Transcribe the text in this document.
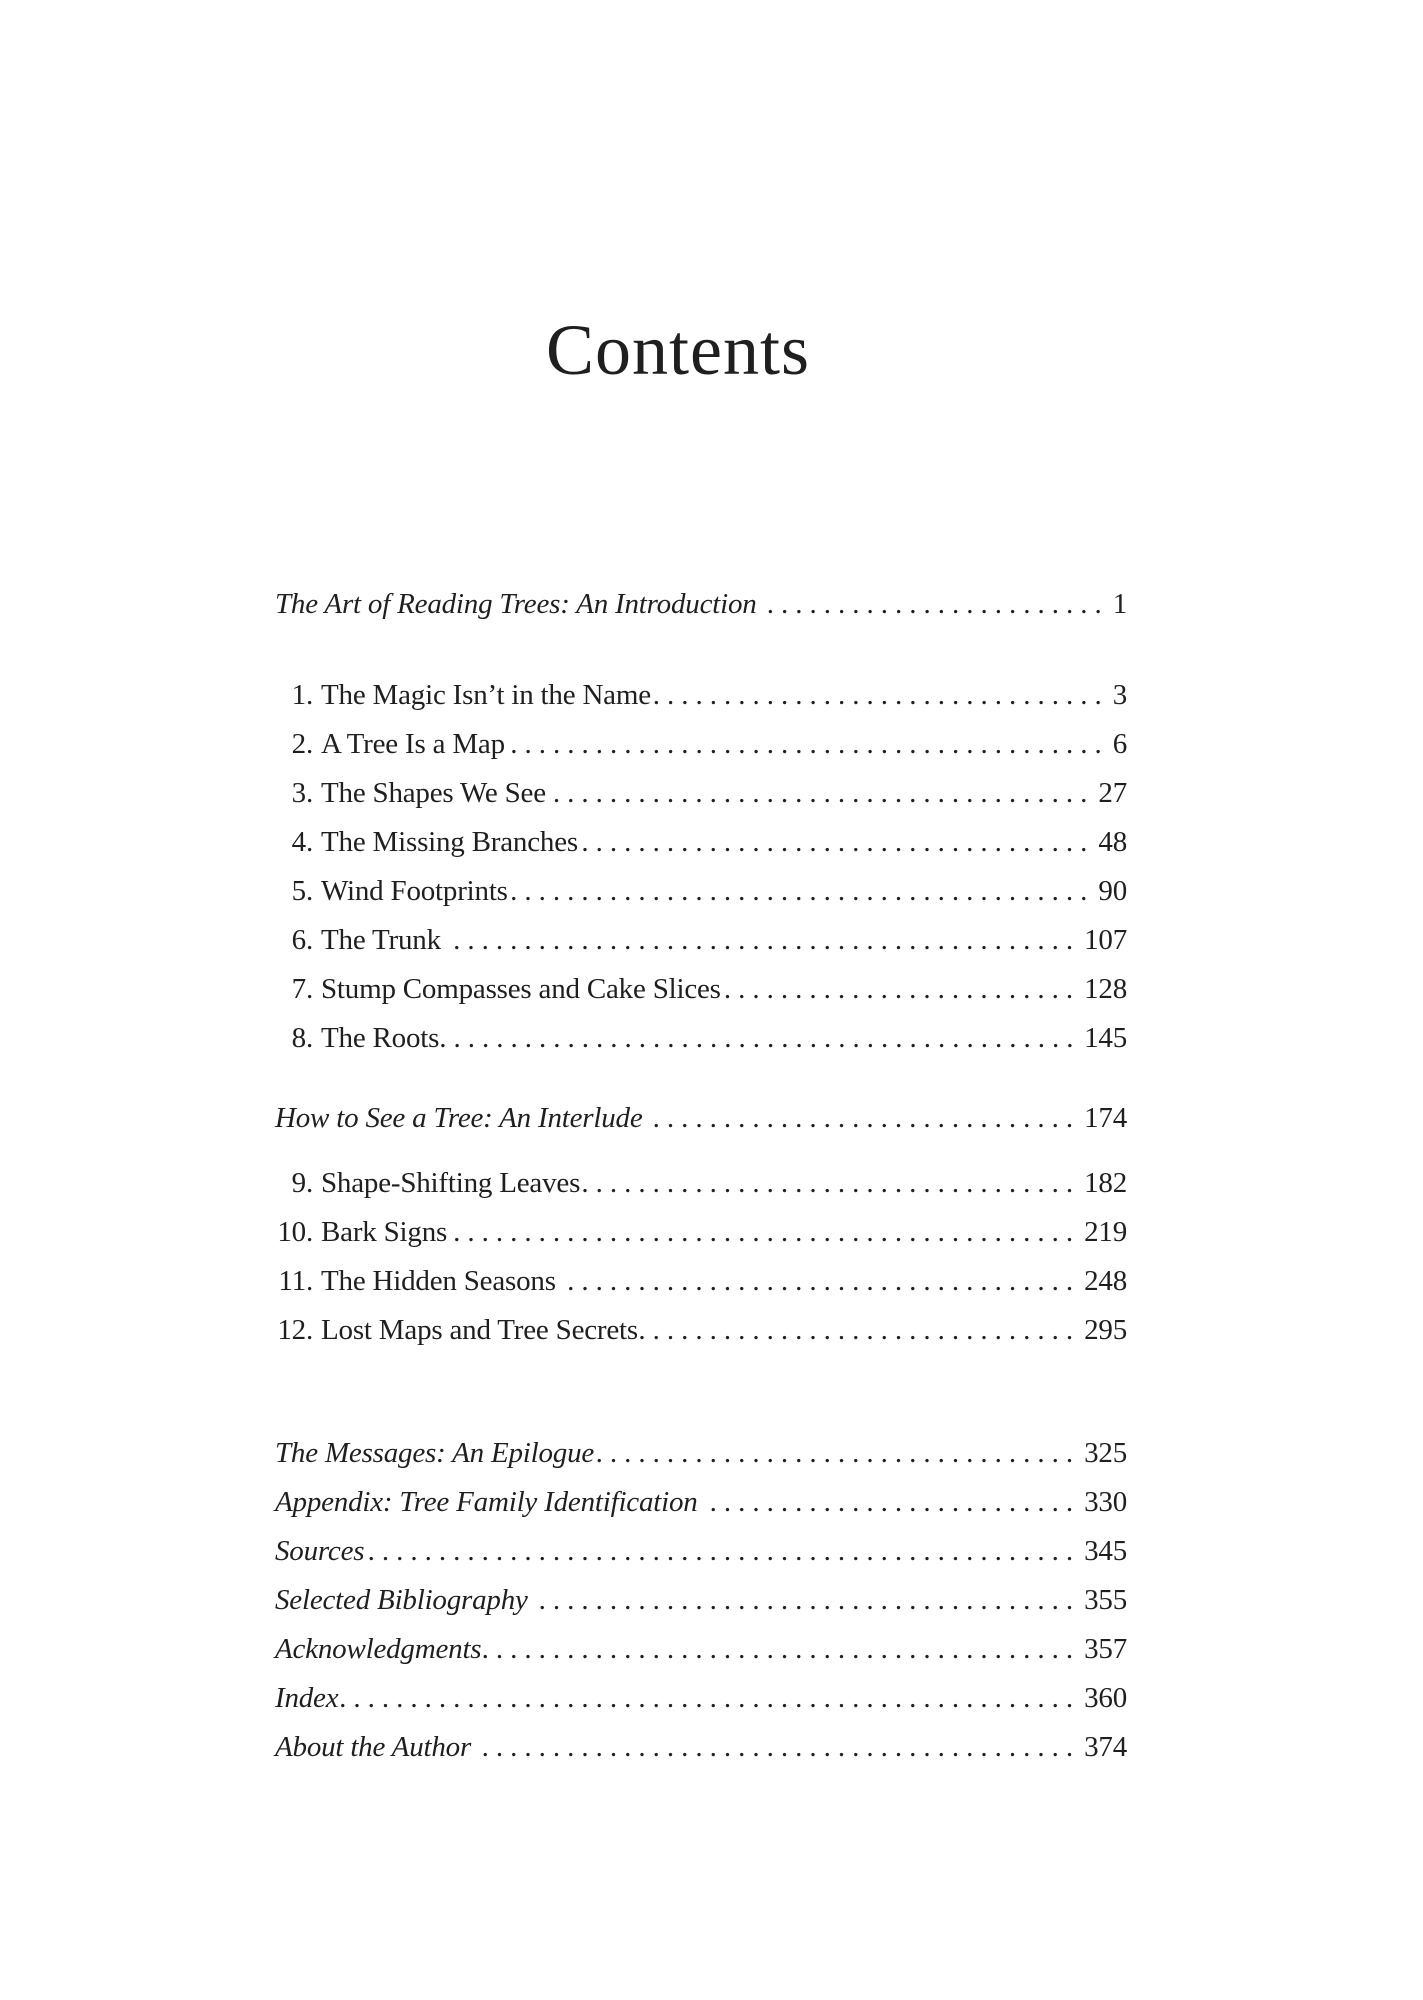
Contents
The Art of Reading Trees: An Introduction ........................ 1
1. The Magic Isn’t in the Name ................................ 3
2. A Tree Is a Map .......................................... 6
3. The Shapes We See ...................................... 27
4. The Missing Branches .................................... 48
5. Wind Footprints ......................................... 90
6. The Trunk ............................................ 107
7. Stump Compasses and Cake Slices ......................... 128
8. The Roots ............................................. 145
How to See a Tree: An Interlude .............................. 174
9. Shape-Shifting Leaves ................................... 182
10. Bark Signs ............................................ 219
11. The Hidden Seasons .................................... 248
12. Lost Maps and Tree Secrets ............................... 295
The Messages: An Epilogue .................................. 325
Appendix: Tree Family Identification .......................... 330
Sources .................................................. 345
Selected Bibliography ...................................... 355
Acknowledgments .......................................... 357
Index .................................................... 360
About the Author .......................................... 374
